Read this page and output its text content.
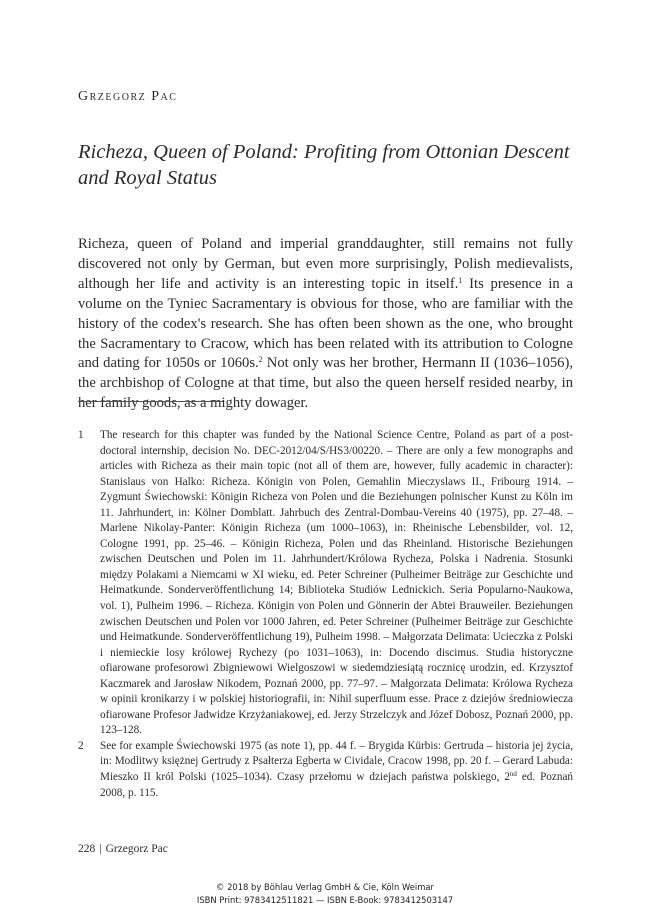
Grzegorz Pac
Richeza, Queen of Poland: Profiting from Ottonian Descent
and Royal Status

Richeza, queen of Poland and imperial granddaughter, still remains not fully discovered not only by German, but even more surprisingly, Polish medievalists, although her life and activity is an interesting topic in itself.$^1$ Its presence in a volume on the Tyniec Sacramentary is obvious for those, who are familiar with the history of the codex's research. She has often been shown as the one, who brought the Sacramentary to Cracow, which has been related with its attribution to Cologne and dating for 1050s or 1060s.$^2$ Not only was her brother, Hermann II (1036–1056), the archbishop of Cologne at that time, but also the queen herself resided nearby, in her family goods, as a mighty dowager.

1 The research for this chapter was funded by the National Science Centre, Poland as part of a post-doctoral internship, decision No. DEC-2012/04/S/HS3/00220. – There are only a few monographs and articles with Richeza as their main topic (not all of them are, however, fully academic in character): Stanislaus von Halko: Richeza. Königin von Polen, Gemahlin Mieczyslaws II., Fribourg 1914. – Zygmunt Świechowski: Königin Richeza von Polen und die Beziehungen polnischer Kunst zu Köln im 11. Jahrhundert, in: Kölner Domblatt. Jahrbuch des Zentral-Dombau-Vereins 40 (1975), pp. 27–48. – Marlene Nikolay-Panter: Königin Richeza (um 1000–1063), in: Rheinische Lebensbilder, vol. 12, Cologne 1991, pp. 25–46. – Königin Richeza, Polen und das Rheinland. Historische Beziehungen zwischen Deutschen und Polen im 11. Jahrhundert/Królowa Rycheza, Polska i Nadrenia. Stosunki między Polakami a Niemcami w XI wieku, ed. Peter Schreiner (Pulheimer Beiträge zur Geschichte und Heimatkunde. Sonderveröffentlichung 14; Biblioteka Studiów Lednickich. Seria Popularno-Naukowa, vol. 1), Pulheim 1996. – Richeza. Königin von Polen und Gönnerin der Abtei Brauweiler. Beziehungen zwischen Deutschen und Polen vor 1000 Jahren, ed. Peter Schreiner (Pulheimer Beiträge zur Geschichte und Heimatkunde. Sonderveröffentlichung 19), Pulheim 1998. – Małgorzata Delimata: Ucieczka z Polski i niemieckie losy królowej Rychezy (po 1031–1063), in: Docendo discimus. Studia historyczne ofiarowane profesorowi Zbigniewowi Wielgoszowi w siedemdziesiątą rocznicę urodzin, ed. Krzysztof Kaczmarek and Jarosław Nikodem, Poznań 2000, pp. 77–97. – Małgorzata Delimata: Królowa Rycheza w opinii kronikarzy i w polskiej historiografii, in: Nihil superfluum esse. Prace z dziejów średniowiecza ofiarowane Profesor Jadwidze Krzyżaniakowej, ed. Jerzy Strzelczyk and Józef Dobosz, Poznań 2000, pp. 123–128.
2 See for example Świechowski 1975 (as note 1), pp. 44 f. – Brygida Kürbis: Gertruda – historia jej życia, in: Modlitwy księżnej Gertrudy z Psałterza Egberta w Cividale, Cracow 1998, pp. 20 f. – Gerard Labuda: Mieszko II król Polski (1025–1034). Czasy przełomu w dziejach państwa polskiego, 2nd ed. Poznań 2008, p. 115.
228 | Grzegorz Pac
© 2018 by Böhlau Verlag GmbH & Cie, Köln Weimar
ISBN Print: 9783412511821 — ISBN E-Book: 9783412503147
